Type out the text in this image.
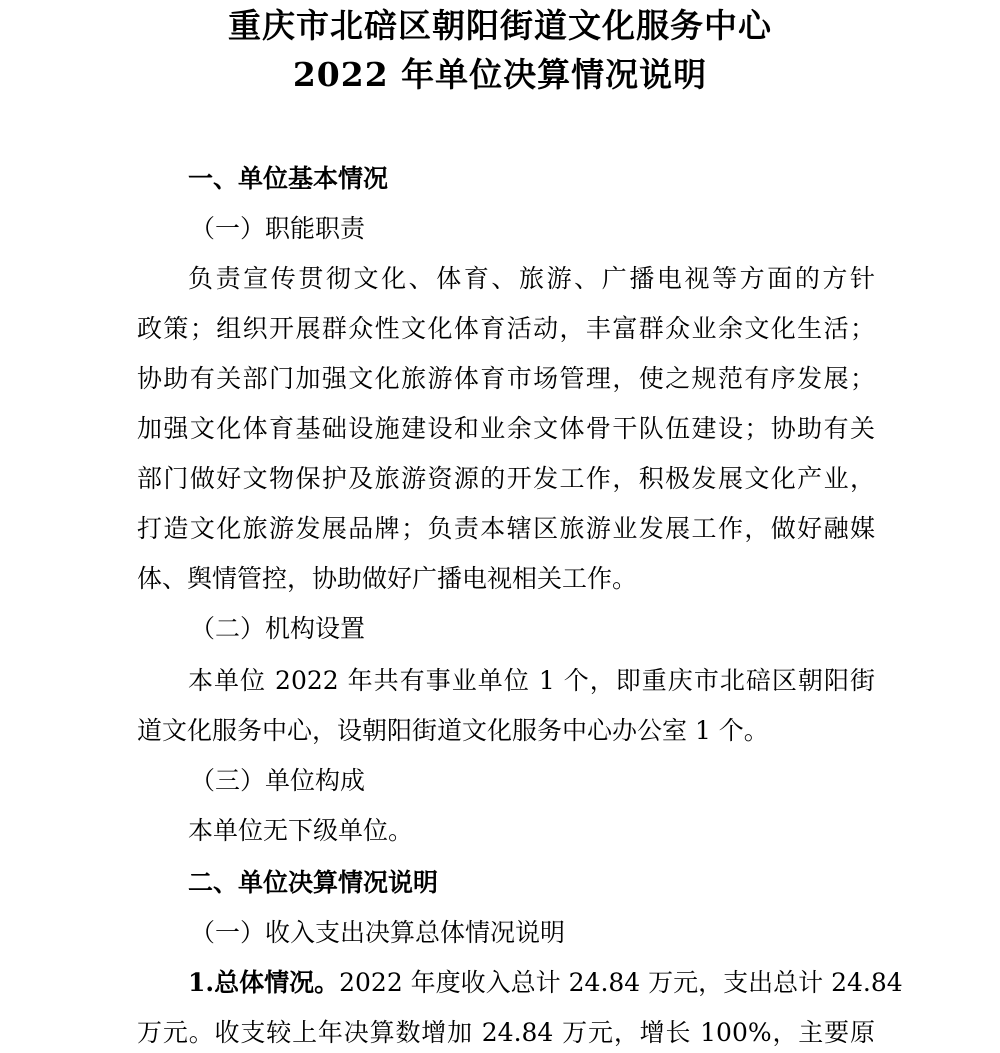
重庆市北碚区朝阳街道文化服务中心
2022 年单位决算情况说明
一、单位基本情况
（一）职能职责
负责宣传贯彻文化、体育、旅游、广播电视等方面的方针
政策；组织开展群众性文化体育活动，丰富群众业余文化生活；
协助有关部门加强文化旅游体育市场管理，使之规范有序发展；
加强文化体育基础设施建设和业余文体骨干队伍建设；协助有关
部门做好文物保护及旅游资源的开发工作，积极发展文化产业，
打造文化旅游发展品牌；负责本辖区旅游业发展工作，做好融媒
体、舆情管控，协助做好广播电视相关工作。
（二）机构设置
本单位 2022 年共有事业单位 1 个，即重庆市北碚区朝阳街
道文化服务中心，设朝阳街道文化服务中心办公室 1 个。
（三）单位构成
本单位无下级单位。
二、单位决算情况说明
（一）收入支出决算总体情况说明
1.总体情况。2022 年度收入总计 24.84 万元，支出总计 24.84
万元。收支较上年决算数增加 24.84 万元，增长 100%，主要原
